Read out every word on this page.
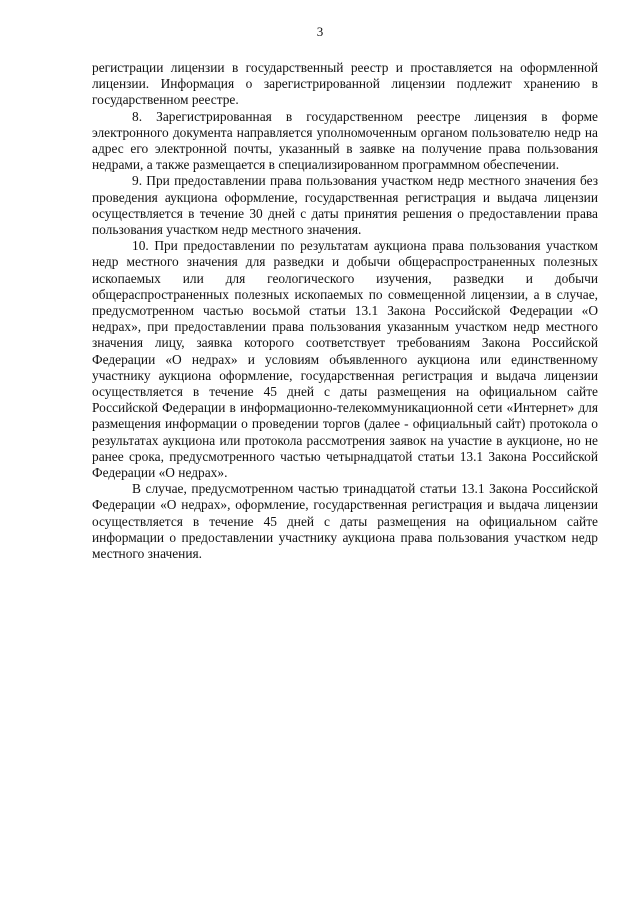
3

регистрации лицензии в государственный реестр и проставляется на оформленной лицензии. Информация о зарегистрированной лицензии подлежит хранению в государственном реестре.

8. Зарегистрированная в государственном реестре лицензия в форме электронного документа направляется уполномоченным органом пользователю недр на адрес его электронной почты, указанный в заявке на получение права пользования недрами, а также размещается в специализированном программном обеспечении.

9. При предоставлении права пользования участком недр местного значения без проведения аукциона оформление, государственная регистрация и выдача лицензии осуществляется в течение 30 дней с даты принятия решения о предоставлении права пользования участком недр местного значения.

10. При предоставлении по результатам аукциона права пользования участком недр местного значения для разведки и добычи общераспространенных полезных ископаемых или для геологического изучения, разведки и добычи общераспространенных полезных ископаемых по совмещенной лицензии, а в случае, предусмотренном частью восьмой статьи 13.1 Закона Российской Федерации «О недрах», при предоставлении права пользования указанным участком недр местного значения лицу, заявка которого соответствует требованиям Закона Российской Федерации «О недрах» и условиям объявленного аукциона или единственному участнику аукциона оформление, государственная регистрация и выдача лицензии осуществляется в течение 45 дней с даты размещения на официальном сайте Российской Федерации в информационно-телекоммуникационной сети «Интернет» для размещения информации о проведении торгов (далее - официальный сайт) протокола о результатах аукциона или протокола рассмотрения заявок на участие в аукционе, но не ранее срока, предусмотренного частью четырнадцатой статьи 13.1 Закона Российской Федерации «О недрах».

В случае, предусмотренном частью тринадцатой статьи 13.1 Закона Российской Федерации «О недрах», оформление, государственная регистрация и выдача лицензии осуществляется в течение 45 дней с даты размещения на официальном сайте информации о предоставлении участнику аукциона права пользования участком недр местного значения.
